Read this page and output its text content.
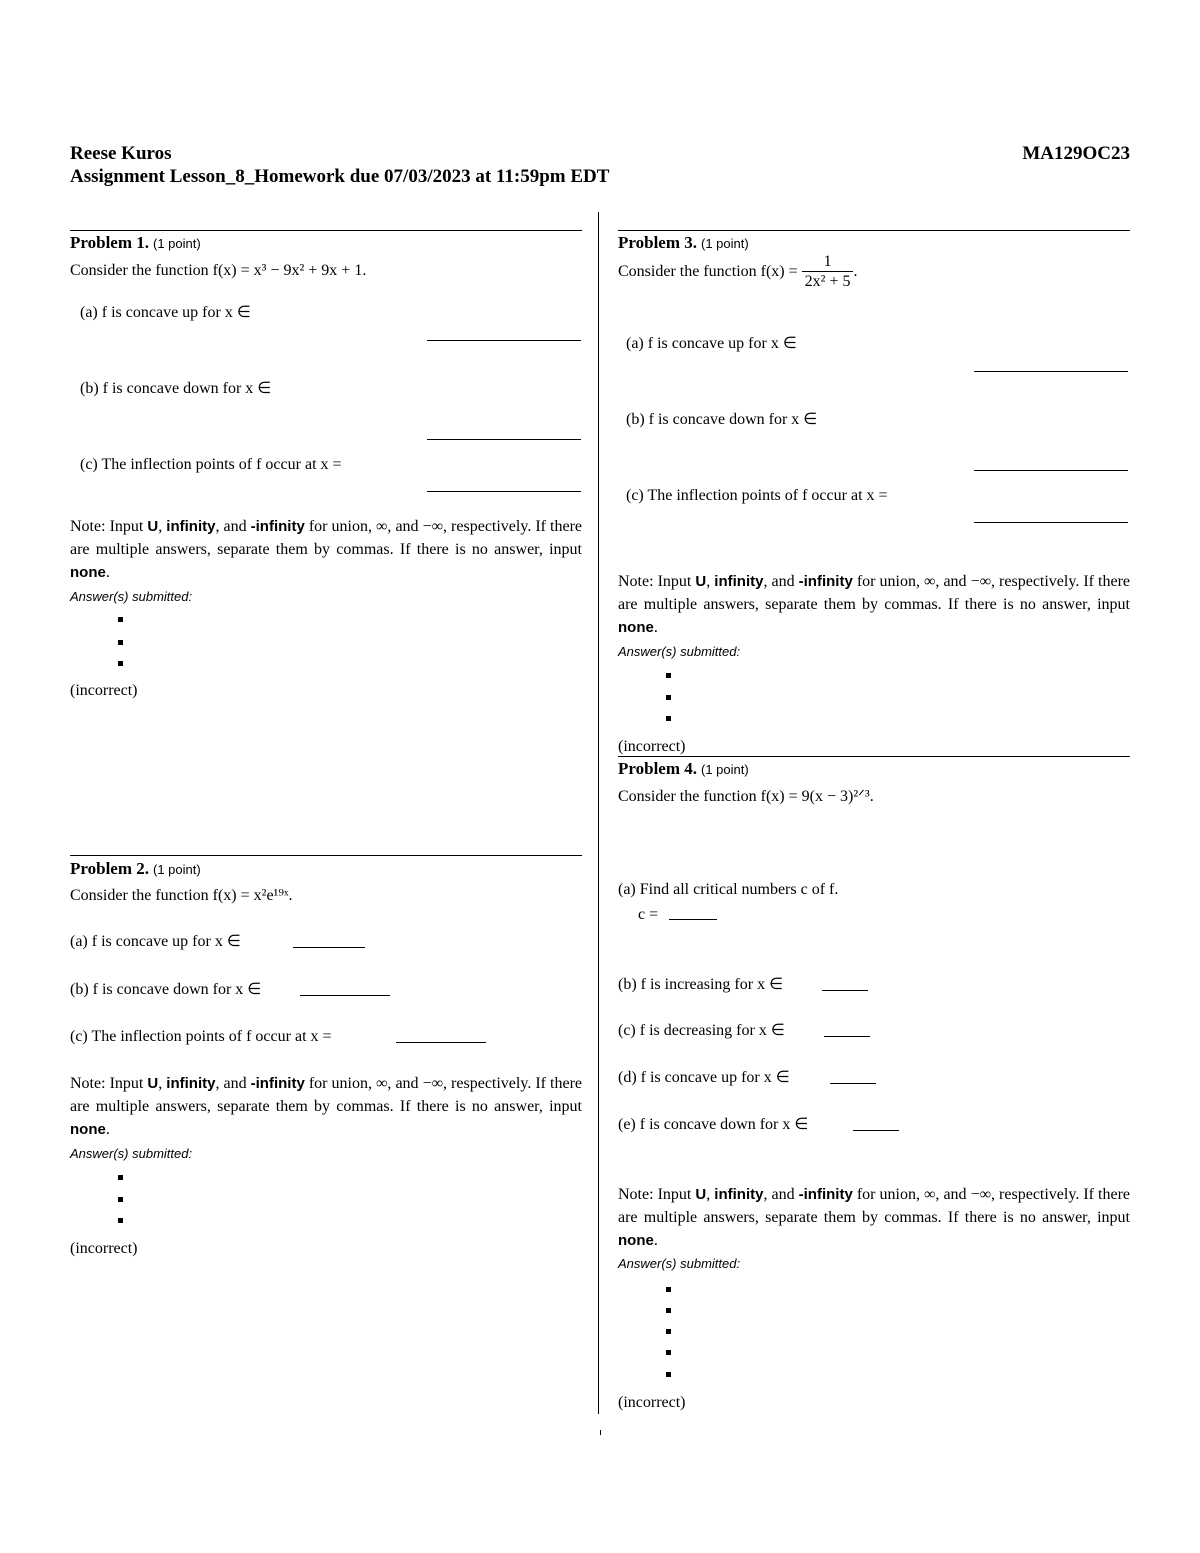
Reese Kuros	MA129OC23
Assignment Lesson_8_Homework due 07/03/2023 at 11:59pm EDT
Problem 1. (1 point)
Consider the function f(x) = x³ − 9x² + 9x + 1.
(a) f is concave up for x ∈
(b) f is concave down for x ∈
(c) The inflection points of f occur at x =
Note: Input U, infinity, and -infinity for union, ∞, and −∞, respectively. If there are multiple answers, separate them by commas. If there is no answer, input none.
Answer(s) submitted:
(incorrect)
Problem 2. (1 point)
Consider the function f(x) = x²e¹⁹ˣ.
(a) f is concave up for x ∈
(b) f is concave down for x ∈
(c) The inflection points of f occur at x =
Note: Input U, infinity, and -infinity for union, ∞, and −∞, respectively. If there are multiple answers, separate them by commas. If there is no answer, input none.
Answer(s) submitted:
(incorrect)
Problem 3. (1 point)
Consider the function $f(x) = \frac{1}{\text{2x² + 5}}$ .
(a) f is concave up for x ∈
(b) f is concave down for x ∈
(c) The inflection points of f occur at x =
Note: Input U, infinity, and -infinity for union, ∞, and −∞, respectively. If there are multiple answers, separate them by commas. If there is no answer, input none.
Answer(s) submitted:
(incorrect)
Problem 4. (1 point)
Consider the function f(x) = 9(x − 3)²ᐟ³.
(a) Find all critical numbers c of f.
c =
(b) f is increasing for x ∈
(c) f is decreasing for x ∈
(d) f is concave up for x ∈
(e) f is concave down for x ∈
Note: Input U, infinity, and -infinity for union, ∞, and −∞, respectively. If there are multiple answers, separate them by commas. If there is no answer, input none.
Answer(s) submitted:
(incorrect)
